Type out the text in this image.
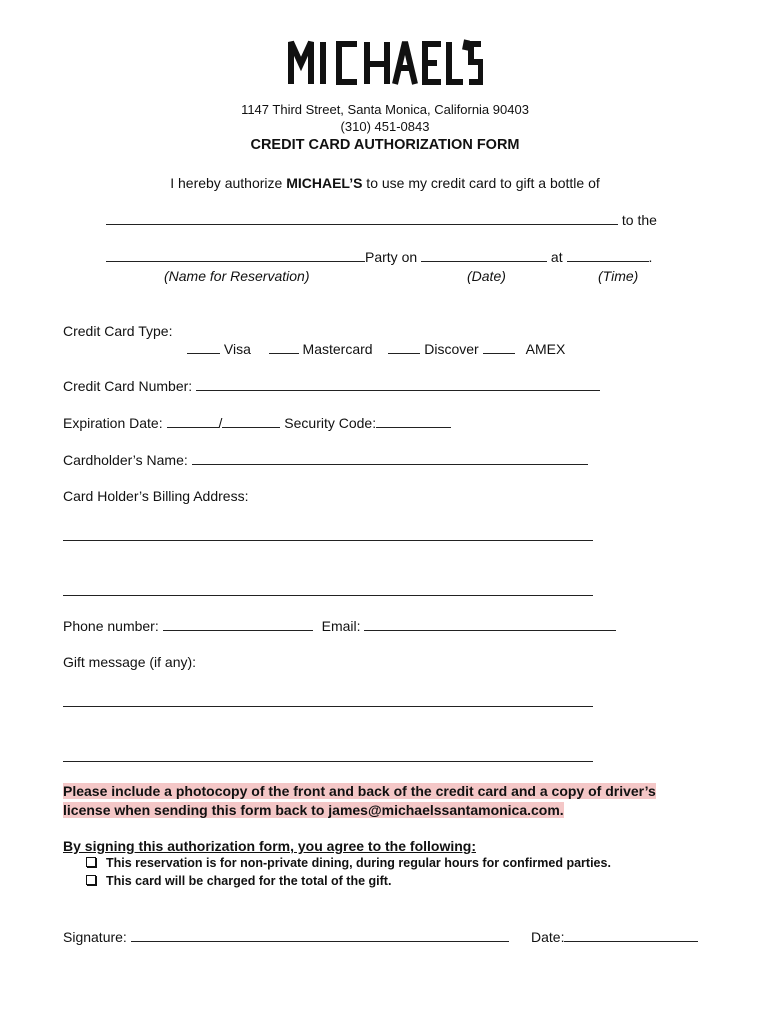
1147 Third Street, Santa Monica, California 90403
(310) 451-0843
CREDIT CARD AUTHORIZATION FORM
I hereby authorize MICHAEL’S to use my credit card to gift a bottle of
to the
Party on	at	.
(Name for Reservation)	(Date)	(Time)
Credit Card Type:
Visa	Mastercard	Discover	AMEX
Credit Card Number:
Expiration Date:	/	Security Code:
Cardholder’s Name:
Card Holder’s Billing Address:
Phone number:	Email:
Gift message (if any):
Please include a photocopy of the front and back of the credit card and a copy of driver’s
license when sending this form back to james@michaelssantamonica.com.
By signing this authorization form, you agree to the following:
This reservation is for non-private dining, during regular hours for confirmed parties.
This card will be charged for the total of the gift.
Signature:	Date:
